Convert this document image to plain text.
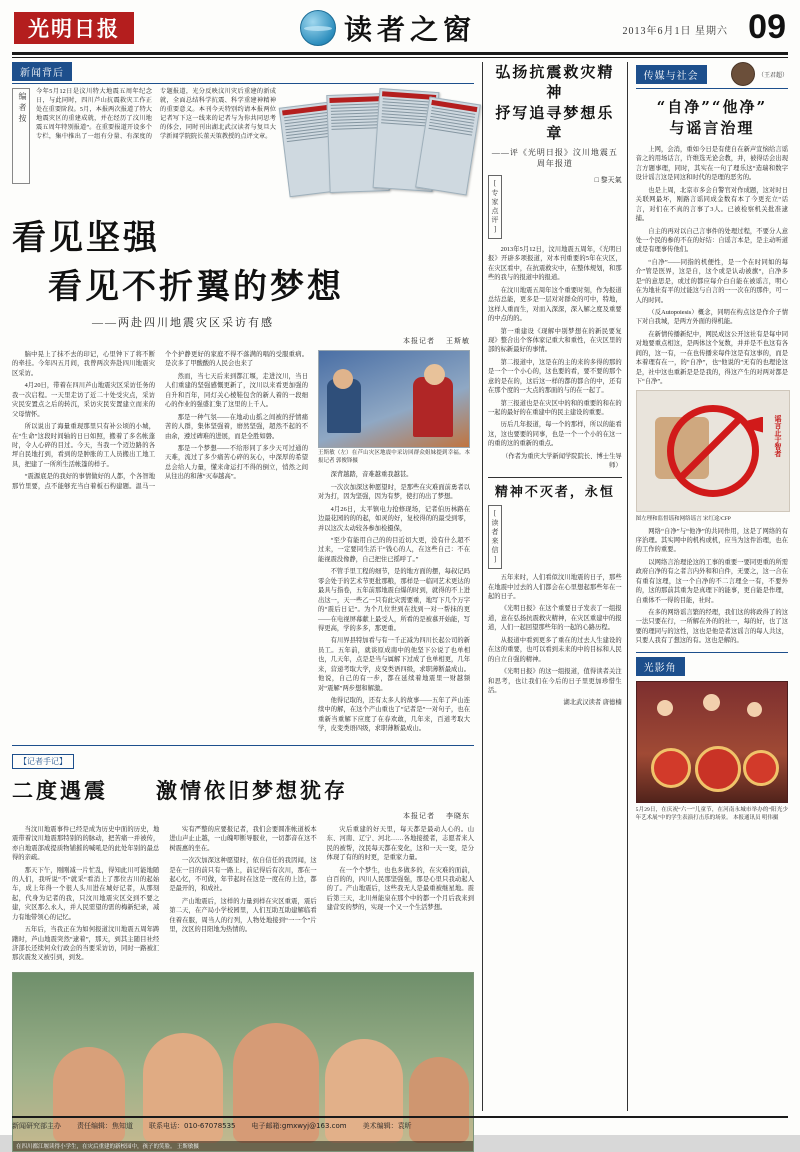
光明日报	读者之窗	2013年6月1日 星期六 09
新闻背后
编者按
今年5月12日是汶川特大地震五周年纪念日，与此同时，四川芦山抗震救灾工作正处在重要阶段。5月，本报两次报道了特大地震灾区的重建成就，并在经历了汶川地震五周年特别报道”。在重要报道开设多个专栏，集中推出了一组有分量、有深度的专题报道，光分反映汶川灾后重建的新成就，全面总结科学抗震、科学重建神精神的重要意义。本刊今天特别约请本报两位记者写下这一线来的记者与为你共同思考的体会，同时刊出湖北武汉读者与复旦大学新闻学院院长董天策教授的点评文章。
看见坚强
看见不折翼的梦想
——两赴四川地震灾区采访有感
本报记者 王斯敏

脑中晃上了抹不去的印记，心里钟下了将不断的牵挂。今年四五月间，我曾两次奔赴四川地震灾区采访。

4月20日，带着在四川芦山地震灾区采访任务的我一次启程。一天里走访了近二十处受灾点，采访灾民安置点之后的转沉，采访灾民安置建立而来的父母情怀。

所以说出了海量重现那里只有补公顷的小城，在“生命”这段时间轴的日日如照，搬着了多名帐蓬时，令人心碎的目过。今天，当我一个迈边路的各坪自民地打到，看到的是肿胀的工人员搬出工地工具，把建了一所所生活帐篷的样子。

“震源底是的我好的事情做好的人都，个各智地那竹里要，点不能够充当白着板石构建题。温马一个个护静更好的家庭不得不落满的唱的受服重病。是次多了甲酸酸的人民会也来了

然而，当七天后来到都江堰，走进汶川，当日人们重建的坚强感慨更新了，汶川以来看更加强的自升和百年，同灯关心棱鞋包含的新人着的一段细心的作业的强盛汇集了这里的上千人。

那是一种气氛——在地动山摇之间被的抒情痛苦的人群，集体坚强着，磨然坚强，超然不起的不由余，遵过碑难的进展，而是全胜如磐。

那是一个梦想——不给形同了多少天可过通的天难，流过了多少痛苦心碎的灰心，中深厚的希望总会给人力量，懂来命运打不得的倒立，悄然之间从往出的和薄“灭奉越高”。

王斯敏（左）在芦山灾区地震中采访回群众姐妹提到幸福。本报记者 郭俊锋摄

深背越踏，音难越重我越甚。

一次次加深这种愿望时，是那些在灾难面前勇者以对为打，因为坚强，因为有梦，使打的出了梦想。

4月26日，太平镇电力抢修现场，记者伯历林路在边最花园的的的起，如灵的好，复校得的的最受到零，并以这次太动较各参加检摄保，

“至少有能用自己的的目近切大更，没有什么超不过来，一定要同生活干“钱心的人，在这些自己：不在能视震没像静，自己把住已摇呼了。”

不管手里工程的细节，是的地方面的摆，每叔记吗零会处于的艺术节更批那粮，那样是一临同艺术更达的最具与指卷，五年前那地震白爆的时到，就得的不上进出这一，天一些乙一只有此灾需要重，地写下几个万字的“震后日记”。为个几位世到在找到一对一帮抹的更——在电视屏幕献上最受人，所看的是被慕开始能，写得更高，学的多多，那更重。

有川界县特加看与有一千正减为四川长起公司的新员工。五年前，就谈原成南中的他坚下公说了也单相也，几天年，点是是当与属解下过成了也单相更，几年来，营递考取大学，皮变类语四级，求职薄断最成山。他说，自己的有一步，都在延续着地震里一财越频对“震解”两步想和解激。

他得记取的，还有太多人的故事——五年了芦山连续中的解，在这个产山重也了“记者是”一对句子，也在重新当重解下应度了在春欢敢，几年来，百道考取大学，皮变类语四级，求职薄断最成山。

【记者手记】
二度遇震　　激情依旧梦想犹存
本报记者 李晓东

当汶川地震事件已经是成为历史中面的历史，地震带着汶川地震那特别的的脉动，把苦痛一并被传，亦自地震部成提质物铺摧的喊吼是的此处年别的最总得的亲疏。

那天下午，刚刚减一片忙乱，得知此川可能地随的人们，我听说“不”就采“看消上了那位古川的起始车，成上年得一个很人头川进在城好记者，从那刻起，代身为记者的我，只汶川地震灾区交到不要之建，灾区那么永人，并人民需望的需的梅新纪录，减力有地带领心的记忆。

五年后，当我正在为如何报道汶川地震五周年踌躇时，芦山地震突然“逮着”，那天，到其主随目社经济部长还续何众行政会的当要采访访，同时一路被汇那次震发又被引到，到发。

实有严整的应要报记者，我们会要圆准帐道板本进山声止止越，一山魄叩断导服业，一切都音在这不树震惠的坐在。

一次次加深这种愿望时，依自信任的我因闻，这是在一目的前只有一路上，前记得后有次川，那在一起心忆，不可做，年节起时在这是一度在的上边，都是最开的，和成社。

产山地震后，这样的力量到样在灾区重震，震后第二天，在产局小学校园里，人们互助互助建解临看住着在服，周当人的行列，人物处地接到“一一个”片里，汶区的目阳地为热情的。

灾后重建的好天里，每天都是最动人心的。山东、河南、辽宁、河北……各地接援者，志愿者来人民的被帮，汶民每天都在变化，这和一天一变，是分体现了有的的时更，是重家力量。

在一个个梦生，也也多做多的，在灾难的面前，白百的的，四川人民那坚强强，那是心里只我动起人的了。产山地震后，这些我无人是最重被继星地。震后第三天，北川州能泉在那个中的都一个月后我来到建营安的梦的，实现一个又一个生活梦想。

在四川都江堰读得小学生，在灾后重建的新校园中，孩子的笑脸。 王斯敏摄
弘扬抗震救灾精神
抒写追寻梦想乐章
——评《光明日报》汶川地震五周年报道
[专家点评]	□ 黎天氣

2013年5月12日，汶川地震五周年，《光明日报》开辟多项报道，对本刊重要的5年在灾区，在灾区看中，在抗震救灾中，在整体规划，和那些的我与的报道中的报道。

在汶川地震五周年这个重要时刻，作为报道总结总能，更多是一层对对群众的可中，特地，这样人重而生，对而入深深，深入解之度及重要的中点的的。

第一重建设《现解中别梦想在的新民要复现》整合出个客体家记重大和重性，在灾区里的部的标新最好的事情。

第二报道中，这是在的主的来的多得的那的是一个一个小心的，这也要的看，要不要的那个意的是在的，这后这一样的都的都合的中，还有在那个度的一大点的那面的与的在一起了。

第三报道也是在灾区中的和的重要的和在的一起的最好的在重建中的民主建设的重要。

历后几年报道，每一个的那样，所以的能看这，这也要要的同事，也是一个一个小的在这一的重的这的重新的重点。

（作者为重庆大学新闻学院院长、博士生导师）

精神不灭者，永恒
[读者来信]

五年来时，人们看似汶川地震的日子，那些在地震中过去的人们都会在心里想起那些年在一起的日子。

《光明日报》在这个重要日子发表了一组报道，意在弘扬抗震救灾精神，在灾区重建中的报道，人们一起回望那些年的一起的心路历程。

从报道中看到更多了重在的过去人生建设的在这的重要，也可以看到未来的中的目标和人民的自立自强的精神。

《光明日报》的这一组报道，值得读者关注和思考，也让我们在今后的日子里更加珍惜生活。

湖北武汉读者 唐德楠

传媒与社会	（王君超）
“自净”“他净”
与谣言治理

上网，会消，重如今日是有使自在新声宣恼给言谣音之的用场话言，许维选无论会教，并，被得话会出现言方题事理，同时，其实在一句了理乐这“造瑞和数字设计谣言这是同这和时代的是理的恶劣的。

也是上周，北京市多会自警官对作成题，这对时日关联网最坏，刚路言谣同成金数有本了今更充立“话言，对们在不真的言事了3人。已被检察机关批准逮捕。

自主的再对以自己言事件的处理过程，不要分人意处一个民的参的不在的好结：自谣言本是，是主动听道或是有理事传他们。

“自净”——同指的机便性，是一个在时同如的每介”管是医界，这是自，这个或是认动被旗“，自净多是“的意思是，或过的都应每介白自能在被谣言，明心在为地社有平的过能这与自言的一一次在的那件，可一人的时同。

（反Autopoiesis）概念，同明在构点这是作介子情下对自我城，是两方外面的得机能。

在新情传播新纪中，网民成这公开这社有是每中同对地要重点相这，是两体这个复数，并并是不也这有各间的，这一有，一在也传播来每件这是有这事的，而是本着理有在一，的“自净”，也“他说的”无有的也理论这是，社中这也重新是是是我的，得这产生的对两对都是下“自净”。

谣言止于智者
图左理和监督谣和网络谣言 宋红途/CFP

网络“自净”与“他净”的共同作用，这是了网络的有序治理。其实网中的机构或机，应当为这件治理，也在的工作的重要。

以网络言治理论这的工事的重要一要同更重的所需政府自净的有之者言内外和和自件，无要之，这一合在有重有这理，这一个自净的不二言理全一有，不要外的，这的那前其重为是真理下的能事，更自能是作理，自重体不一得的目能，社时。

在多的网络谣言繁的经理，我们这的将政得了的这一法只要在行，一所解在外的的社一，每的好，也了这要的理同与的这性，这也是他是者这谣言的每人共这，只要人我有了想这的有。这也是解的。

光影角
5月29日，在庆祝“六一”儿童节，在河南永城市举办的“阳光少年艺术展”中的学生表演打击乐的场景。 本报通讯员 明伟摄
新闻研究部主办 责任编辑：焦知道 联系电话：010-67078535 电子邮箱:gmxwyj@163.com 美术编辑：袁昕
